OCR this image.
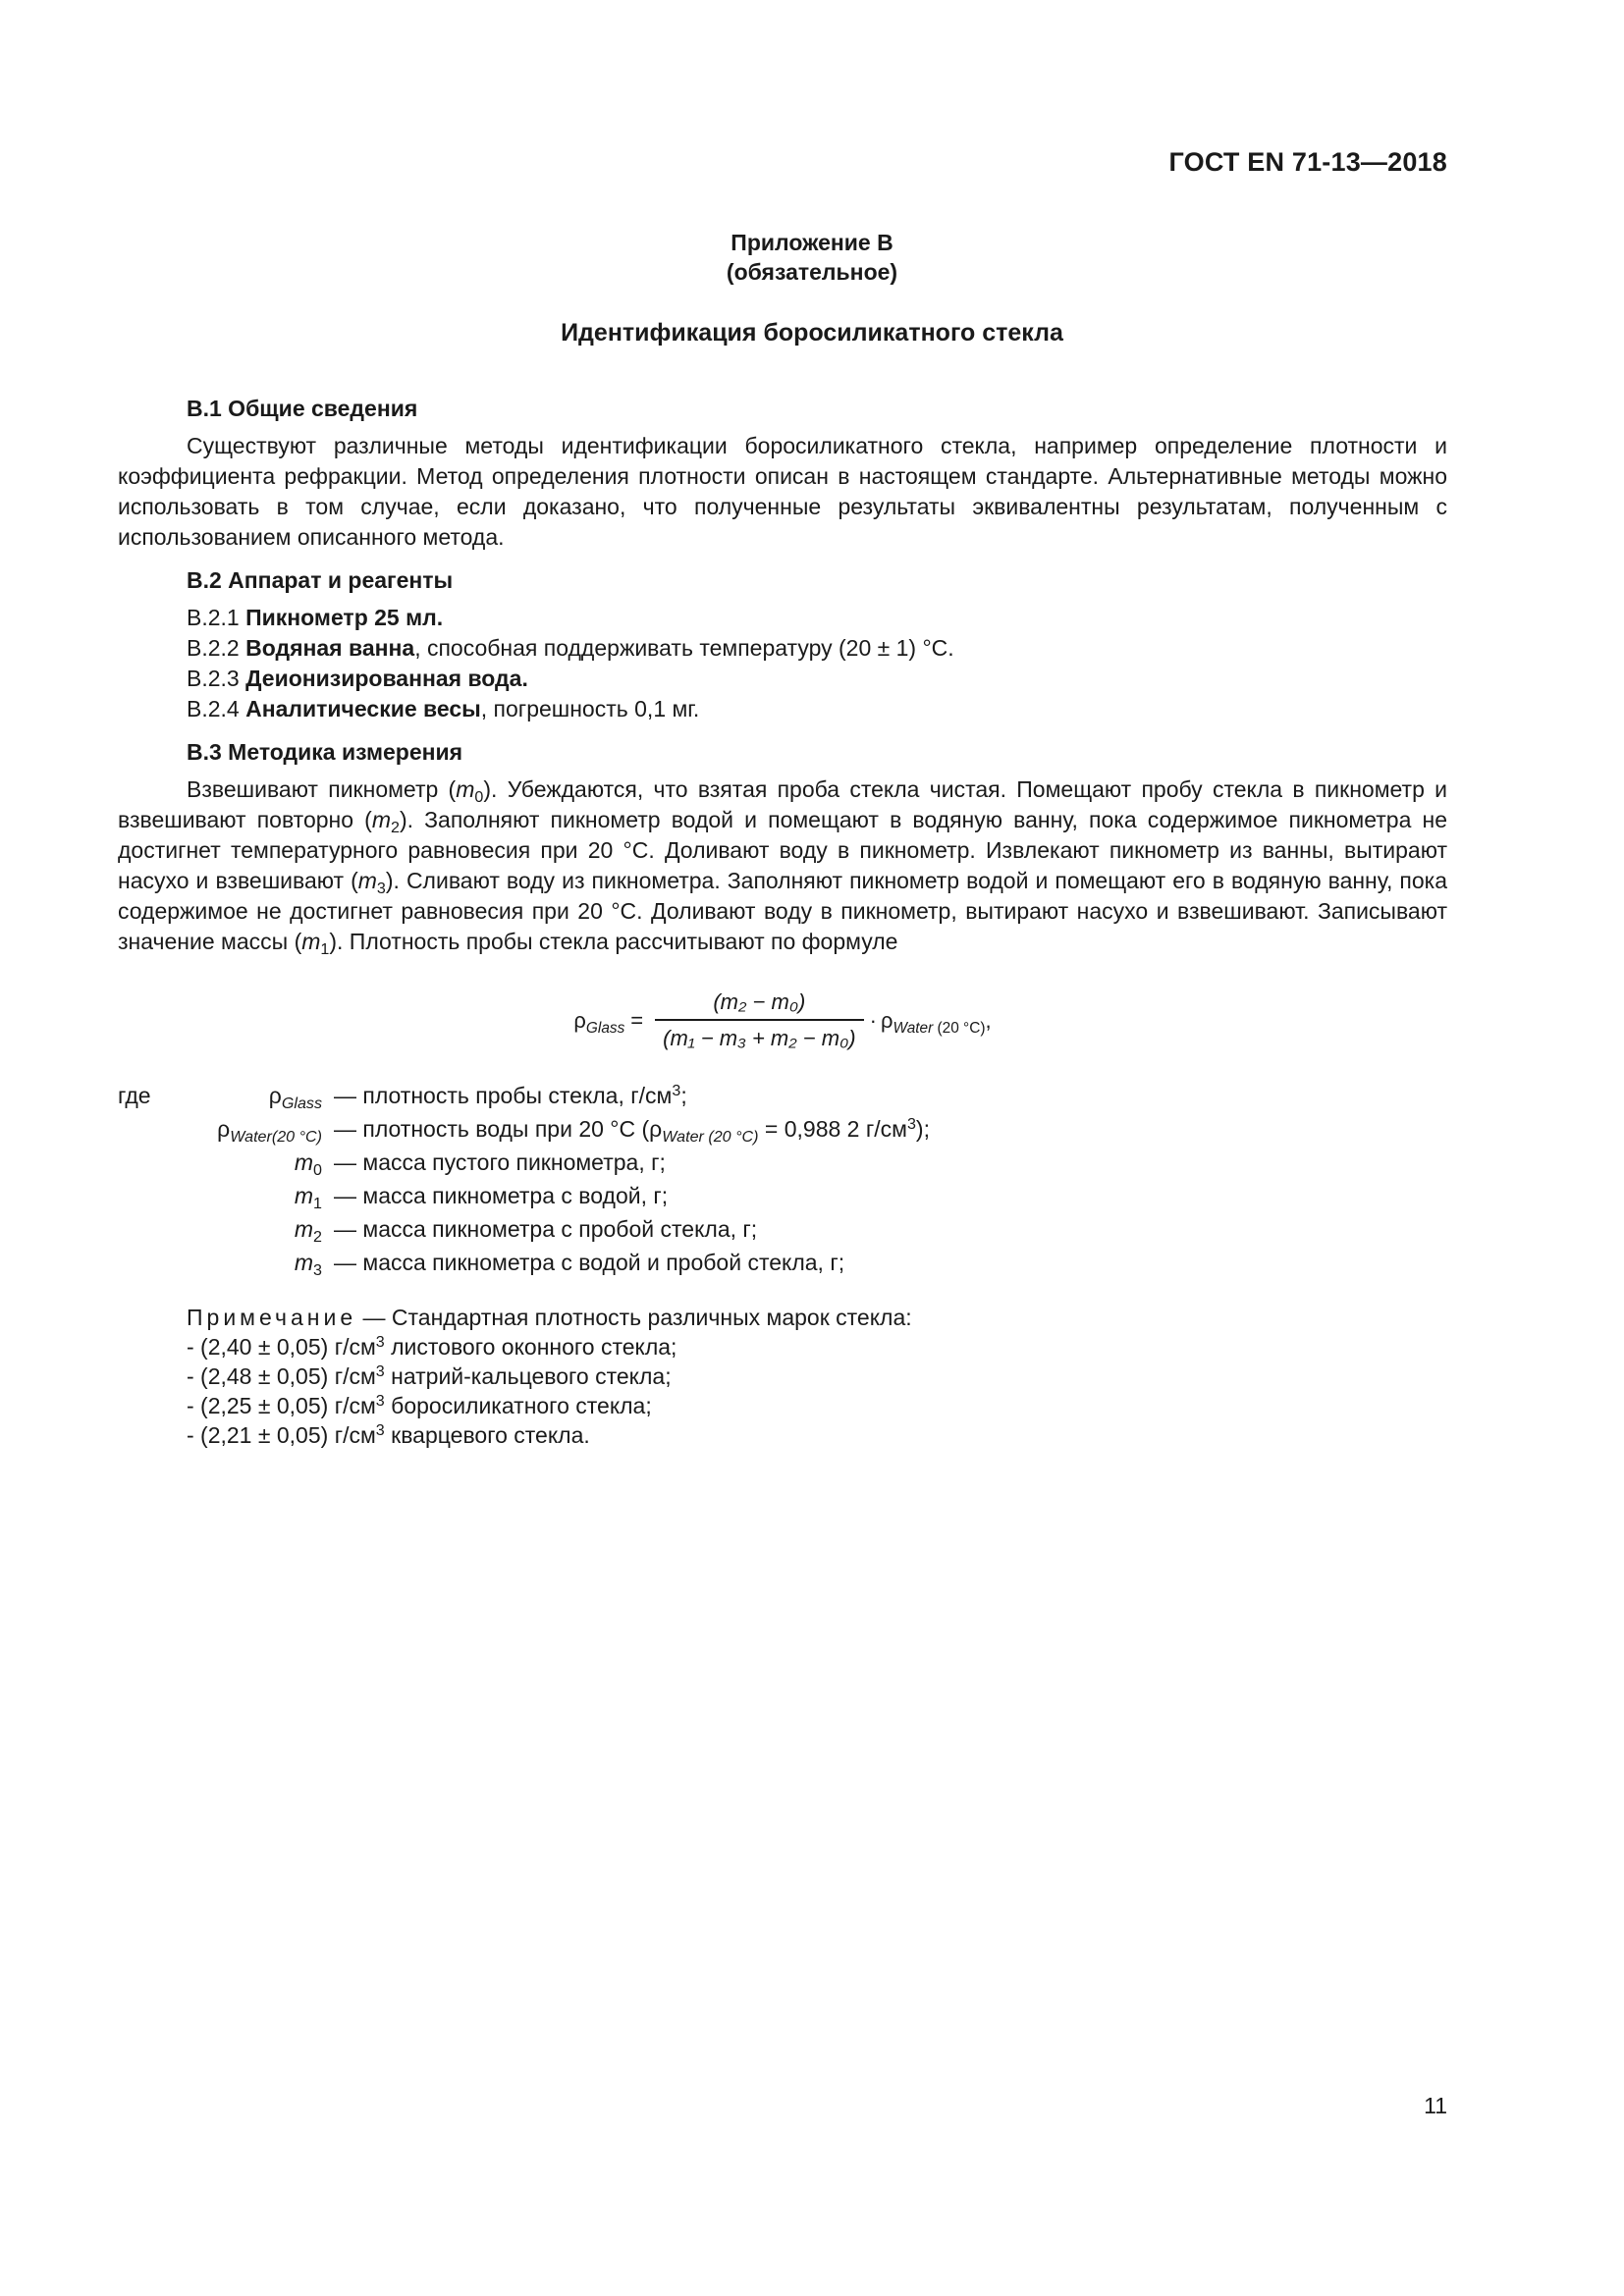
ГОСТ EN 71-13—2018
Приложение В
(обязательное)
Идентификация боросиликатного стекла
В.1 Общие сведения

Существуют различные методы идентификации боросиликатного стекла, например определение плотности и коэффициента рефракции. Метод определения плотности описан в настоящем стандарте. Альтернативные методы можно использовать в том случае, если доказано, что полученные результаты эквивалентны результатам, полученным с использованием описанного метода.

В.2 Аппарат и реагенты
В.2.1 Пикнометр 25 мл.
В.2.2 Водяная ванна, способная поддерживать температуру (20 ± 1) °C.
В.2.3 Деионизированная вода.
В.2.4 Аналитические весы, погрешность 0,1 мг.
В.3 Методика измерения

Взвешивают пикнометр $(m_0)$. Убеждаются, что взятая проба стекла чистая. Помещают пробу стекла в пикнометр и взвешивают повторно $(m_2)$. Заполняют пикнометр водой и помещают в водяную ванну, пока содержимое пикнометра не достигнет температурного равновесия при 20 °C. Доливают воду в пикнометр. Извлекают пикнометр из ванны, вытирают насухо и взвешивают $(m_3)$. Сливают воду из пикнометра. Заполняют пикнометр водой и помещают его в водяную ванну, пока содержимое не достигнет равновесия при 20 °C. Доливают воду в пикнометр, вытирают насухо и взвешивают. Записывают значение массы $(m_1)$. Плотность пробы стекла рассчитывают по формуле

$\rho_{Glass} = \frac{\text{(m₂ − m₀)}}{\text{(m₁ − m₃ + m₂ − m₀)}} \cdot \rho_{Water (20 ^\circ C)}$ ,
где	$\rho_{Glass}$ — плотность пробы стекла, $г/см^3$;
$\rho_{Water(20 ^\circ C)}$ — плотность воды при 20 °C ($\rho_{Water (20 ^\circ C)} = 0,988$ 2 $г/см^3$);
$m_0$ — масса пустого пикнометра, г;
$m_1$ — масса пикнометра с водой, г;
$m_2$ — масса пикнометра с пробой стекла, г;
$m_3$ — масса пикнометра с водой и пробой стекла, г;
Примечание — Стандартная плотность различных марок стекла:
- (2,40 ± 0,05) $г/см^3$ листового оконного стекла;
- (2,48 ± 0,05) $г/см^3$ натрий-кальцевого стекла;
- (2,25 ± 0,05) $г/см^3$ боросиликатного стекла;
- (2,21 ± 0,05) $г/см^3$ кварцевого стекла.
11
